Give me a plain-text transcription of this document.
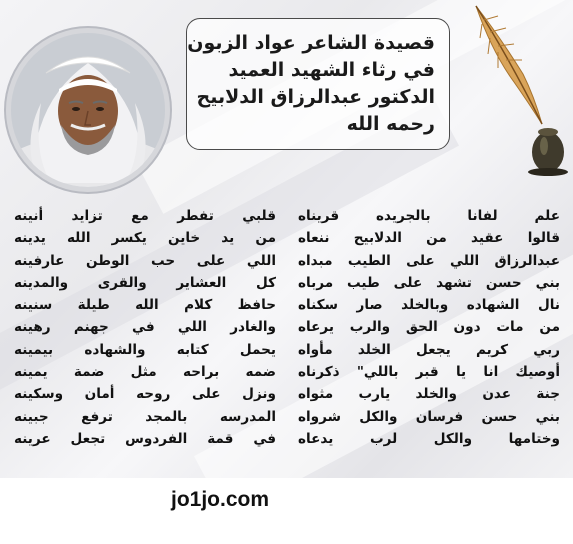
قصيدة الشاعر عواد الزبون
في رثاء الشهيد العميد
الدكتور عبدالرزاق الدلابيح
رحمه الله
علم لفانا بالجريده قريناه
قالوا عقيد من الدلابيح ننعاه
عبدالرزاق اللي على الطيب مبداه
بني حسن تشهد على طيب مرباه
نال الشهاده وبالخلد صار سكناه
من مات دون الحق والرب يرعاه
ربي كريم يجعل الخلد مأواه
أوصيك انا يا قبر باللي" ذكرناه
جنة عدن والخلد يارب مثواه
بني حسن فرسان والكل شرواه
وختامها والكل لرب يدعاه
قلبي تفطر مع تزايد أنينه
من يد خاين يكسر الله يدينه
اللي على حب الوطن عارفينه
كل العشاير والقرى والمدينه
حافظ كلام الله طيلة سنينه
والغادر اللي في جهنم رهينه
يحمل كتابه والشهاده بيمينه
ضمه براحه مثل ضمة يمينه
ونزل على روحه أمان وسكينه
المدرسه بالمجد ترفع جبينه
في قمة الفردوس تجعل عرينه
jo1jo.com
